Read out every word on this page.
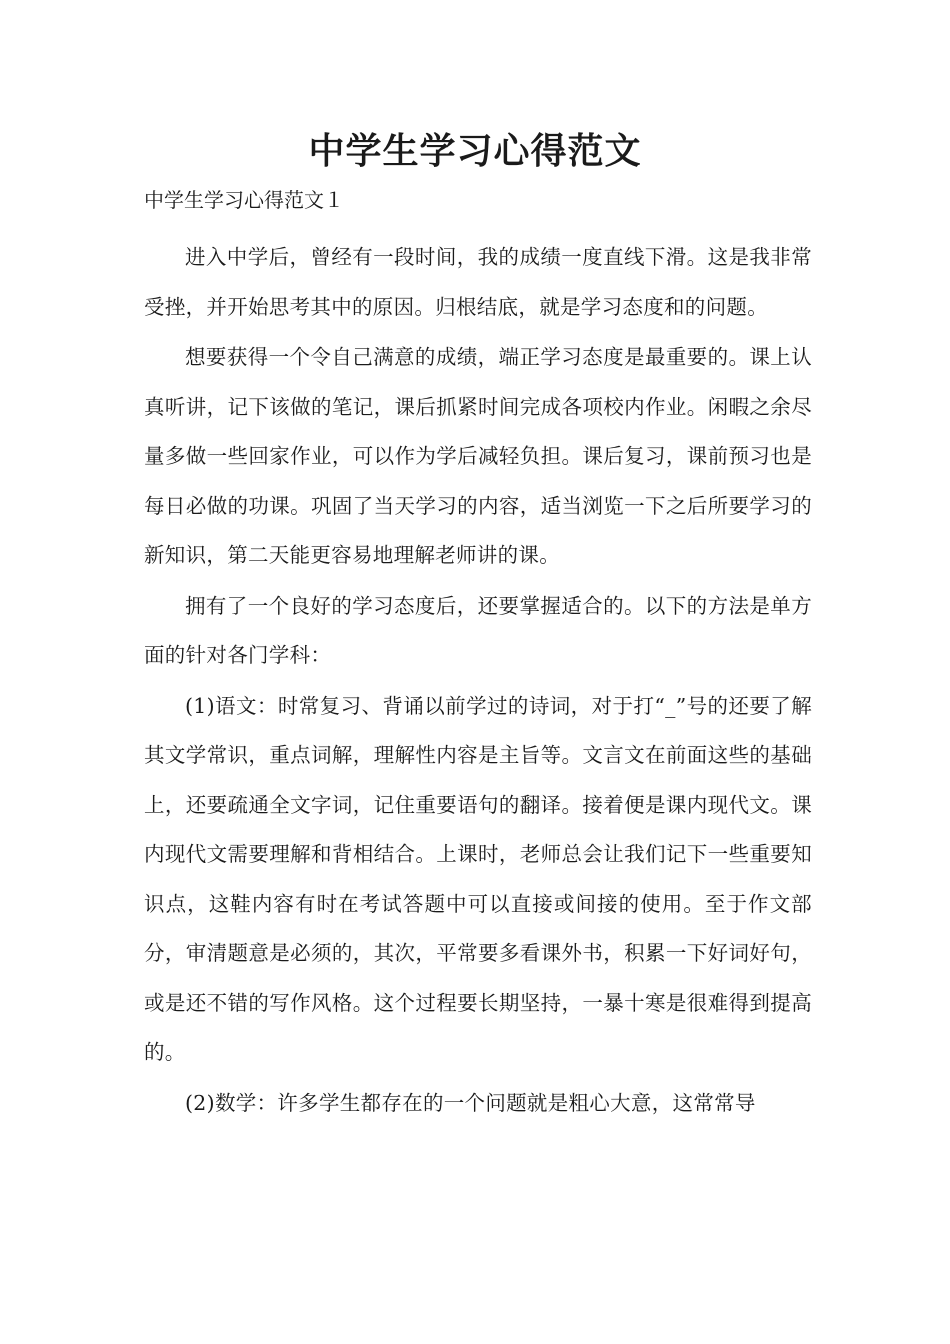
中学生学习心得范文

中学生学习心得范文１

进入中学后，曾经有一段时间，我的成绩一度直线下滑。这是我非常受挫，并开始思考其中的原因。归根结底，就是学习态度和的问题。

想要获得一个令自己满意的成绩，端正学习态度是最重要的。课上认真听讲，记下该做的笔记，课后抓紧时间完成各项校内作业。闲暇之余尽量多做一些回家作业，可以作为学后减轻负担。课后复习，课前预习也是每日必做的功课。巩固了当天学习的内容，适当浏览一下之后所要学习的新知识，第二天能更容易地理解老师讲的课。

拥有了一个良好的学习态度后，还要掌握适合的。以下的方法是单方面的针对各门学科：

(1)语文：时常复习、背诵以前学过的诗词，对于打“_”号的还要了解其文学常识，重点词解，理解性内容是主旨等。文言文在前面这些的基础上，还要疏通全文字词，记住重要语句的翻译。接着便是课内现代文。课内现代文需要理解和背相结合。上课时，老师总会让我们记下一些重要知识点，这鞋内容有时在考试答题中可以直接或间接的使用。至于作文部分，审清题意是必须的，其次，平常要多看课外书，积累一下好词好句，或是还不错的写作风格。这个过程要长期坚持，一暴十寒是很难得到提高的。

(2)数学：许多学生都存在的一个问题就是粗心大意，这常常导
